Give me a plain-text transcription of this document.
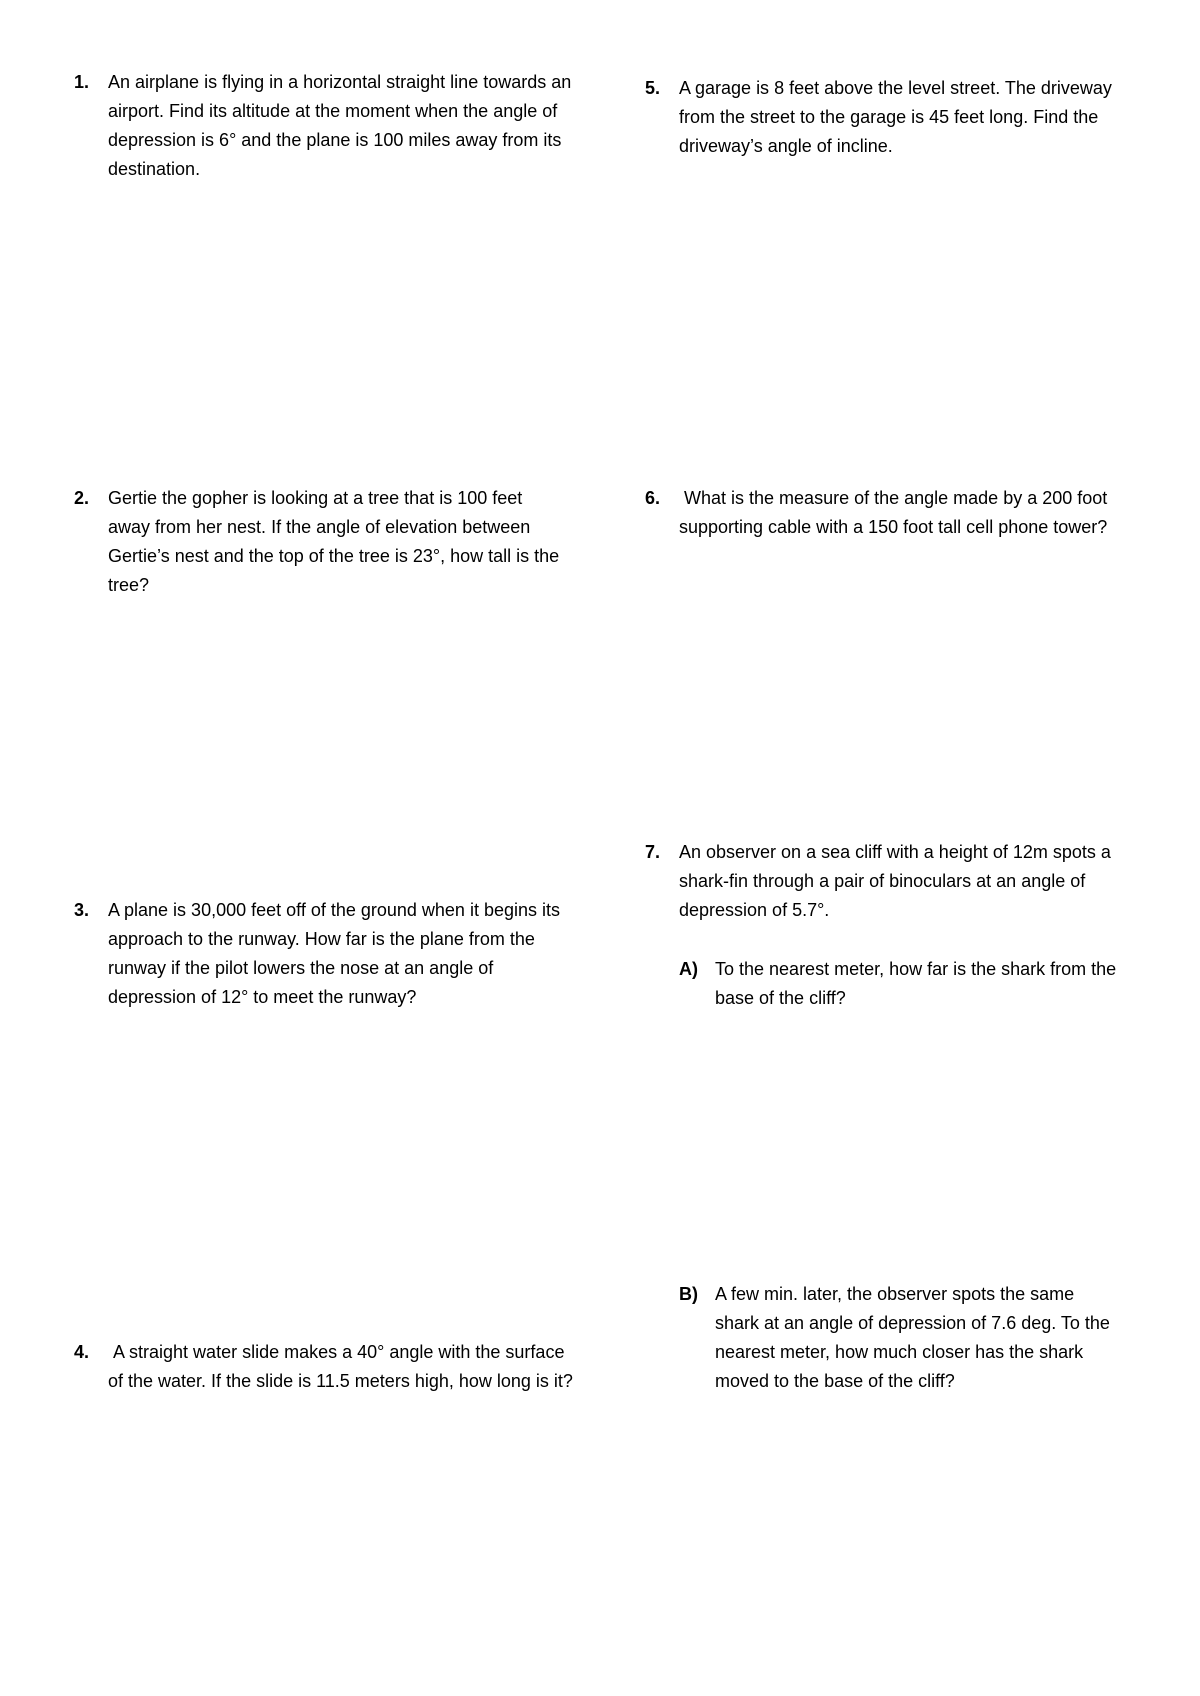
1.	An airplane is flying in a horizontal straight line towards an airport. Find its altitude at the moment when the angle of depression is 6° and the plane is 100 miles away from its destination.
2.	Gertie the gopher is looking at a tree that is 100 feet away from her nest. If the angle of elevation between Gertie’s nest and the top of the tree is 23°, how tall is the tree?
3.	A plane is 30,000 feet off of the ground when it begins its approach to the runway. How far is the plane from the runway if the pilot lowers the nose at an angle of depression of 12° to meet the runway?
4.	A straight water slide makes a 40° angle with the surface of the water. If the slide is 11.5 meters high, how long is it?
5.	A garage is 8 feet above the level street. The driveway from the street to the garage is 45 feet long. Find the driveway’s angle of incline.
6.	What is the measure of the angle made by a 200 foot supporting cable with a 150 foot tall cell phone tower?
7.	An observer on a sea cliff with a height of 12m spots a shark-fin through a pair of binoculars at an angle of depression of 5.7°.
A) To the nearest meter, how far is the shark from the base of the cliff?
B) A few min. later, the observer spots the same shark at an angle of depression of 7.6 deg. To the nearest meter, how much closer has the shark moved to the base of the cliff?
